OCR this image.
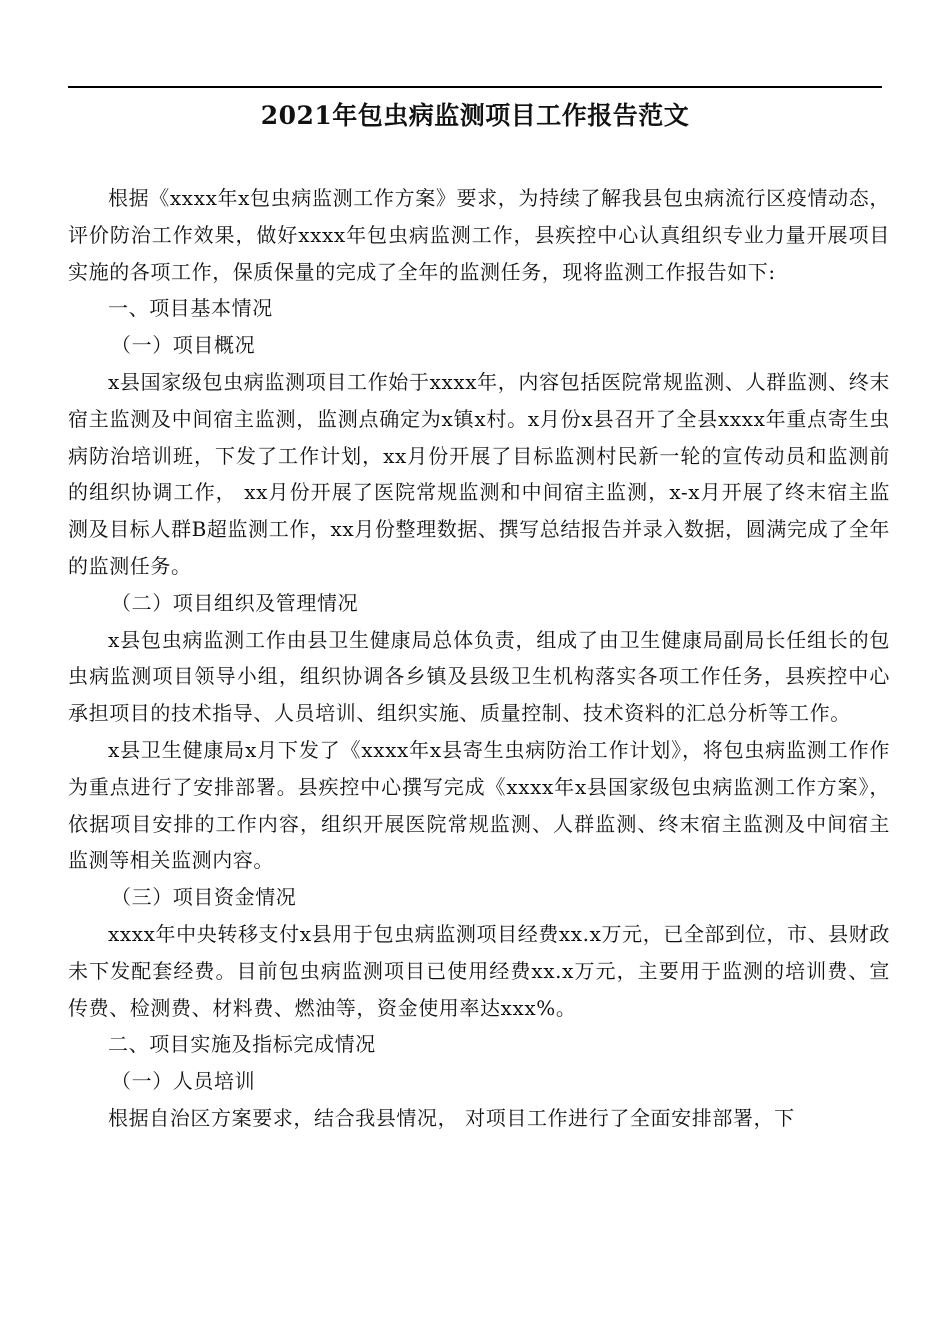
2021年包虫病监测项目工作报告范文

根据《xxxx年x包虫病监测工作方案》要求，为持续了解我县包虫病流行区疫情动态，评价防治工作效果，做好xxxx年包虫病监测工作，县疾控中心认真组织专业力量开展项目实施的各项工作，保质保量的完成了全年的监测任务，现将监测工作报告如下:

一、项目基本情况

（一）项目概况

x县国家级包虫病监测项目工作始于xxxx年，内容包括医院常规监测、人群监测、终末宿主监测及中间宿主监测，监测点确定为x镇x村。x月份x县召开了全县xxxx年重点寄生虫病防治培训班，下发了工作计划，xx月份开展了目标监测村民新一轮的宣传动员和监测前的组织协调工作， xx月份开展了医院常规监测和中间宿主监测，x-x月开展了终末宿主监测及目标人群B超监测工作，xx月份整理数据、撰写总结报告并录入数据，圆满完成了全年的监测任务。

（二）项目组织及管理情况

x县包虫病监测工作由县卫生健康局总体负责，组成了由卫生健康局副局长任组长的包虫病监测项目领导小组，组织协调各乡镇及县级卫生机构落实各项工作任务，县疾控中心承担项目的技术指导、人员培训、组织实施、质量控制、技术资料的汇总分析等工作。

x县卫生健康局x月下发了《xxxx年x县寄生虫病防治工作计划》，将包虫病监测工作作为重点进行了安排部署。县疾控中心撰写完成《xxxx年x县国家级包虫病监测工作方案》，依据项目安排的工作内容，组织开展医院常规监测、人群监测、终末宿主监测及中间宿主监测等相关监测内容。

（三）项目资金情况

xxxx年中央转移支付x县用于包虫病监测项目经费xx.x万元，已全部到位，市、县财政未下发配套经费。目前包虫病监测项目已使用经费xx.x万元，主要用于监测的培训费、宣传费、检测费、材料费、燃油等，资金使用率达xxx%。

二、项目实施及指标完成情况

（一）人员培训

根据自治区方案要求，结合我县情况， 对项目工作进行了全面安排部署，下
